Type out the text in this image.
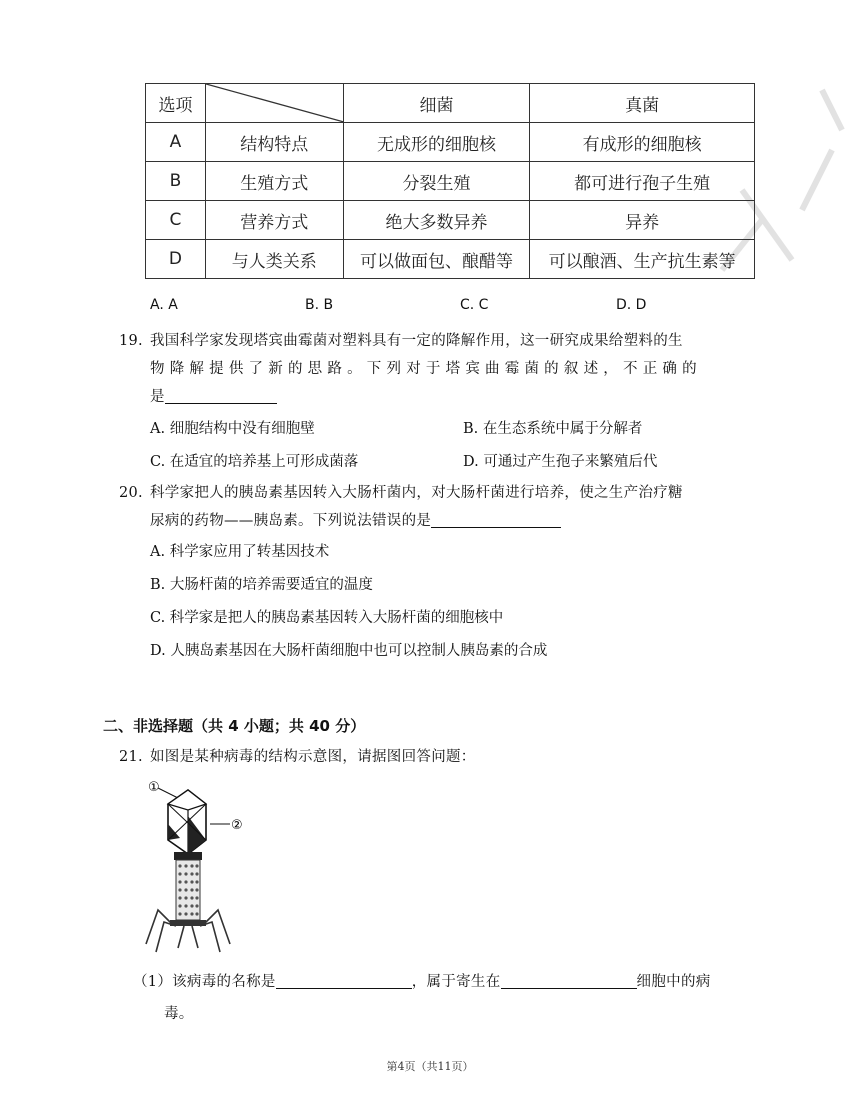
选项		细菌	真菌
A	结构特点	无成形的细胞核	有成形的细胞核
B	生殖方式	分裂生殖	都可进行孢子生殖
C	营养方式	绝大多数异养	异养
D	与人类关系	可以做面包、酿醋等	可以酿酒、生产抗生素等
A. A	B. B	C. C	D. D
19. 我国科学家发现塔宾曲霉菌对塑料具有一定的降解作用，这一研究成果给塑料的生
物 降 解 提 供 了 新 的 思 路 。 下 列 对 于 塔 宾 曲 霉 菌 的 叙 述 ， 不 正 确 的
是
A. 细胞结构中没有细胞壁	B. 在生态系统中属于分解者
C. 在适宜的培养基上可形成菌落	D. 可通过产生孢子来繁殖后代
20. 科学家把人的胰岛素基因转入大肠杆菌内，对大肠杆菌进行培养，使之生产治疗糖
尿病的药物——胰岛素。下列说法错误的是
A. 科学家应用了转基因技术
B. 大肠杆菌的培养需要适宜的温度
C. 科学家是把人的胰岛素基因转入大肠杆菌的细胞核中
D. 人胰岛素基因在大肠杆菌细胞中也可以控制人胰岛素的合成
二、非选择题（共 4 小题；共 40 分）
21. 如图是某种病毒的结构示意图，请据图回答问题：
①
②
（1）该病毒的名称是	，属于寄生在	细胞中的病
毒。
第4页（共11页）
